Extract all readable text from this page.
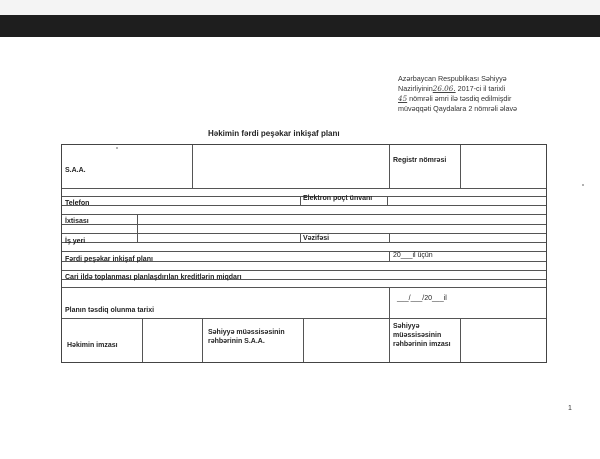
Azərbaycan Respublikası Səhiyyə
Nazirliyinin26.06. 2017-ci il tarixli
45 nömrəli əmri ilə təsdiq edilmişdir
müvəqqəti Qaydalara 2 nömrəli əlavə
Həkimin fərdi peşəkar inkişaf planı
S.A.A.
Registr nömrəsi
Telefon
Elektron poçt ünvanı
İxtisası
İş yeri	Vəzifəsi
Fərdi peşəkar inkişaf planı
20___il üçün
Cari ildə toplanması planlaşdırılan kreditlərin miqdarı
___/___/20___il
Planın təsdiq olunma tarixi
Həkimin imzası
Səhiyyə müəssisəsinin rəhbərinin S.A.A.
Səhiyyə müəssisəsinin rəhbərinin imzası
1
